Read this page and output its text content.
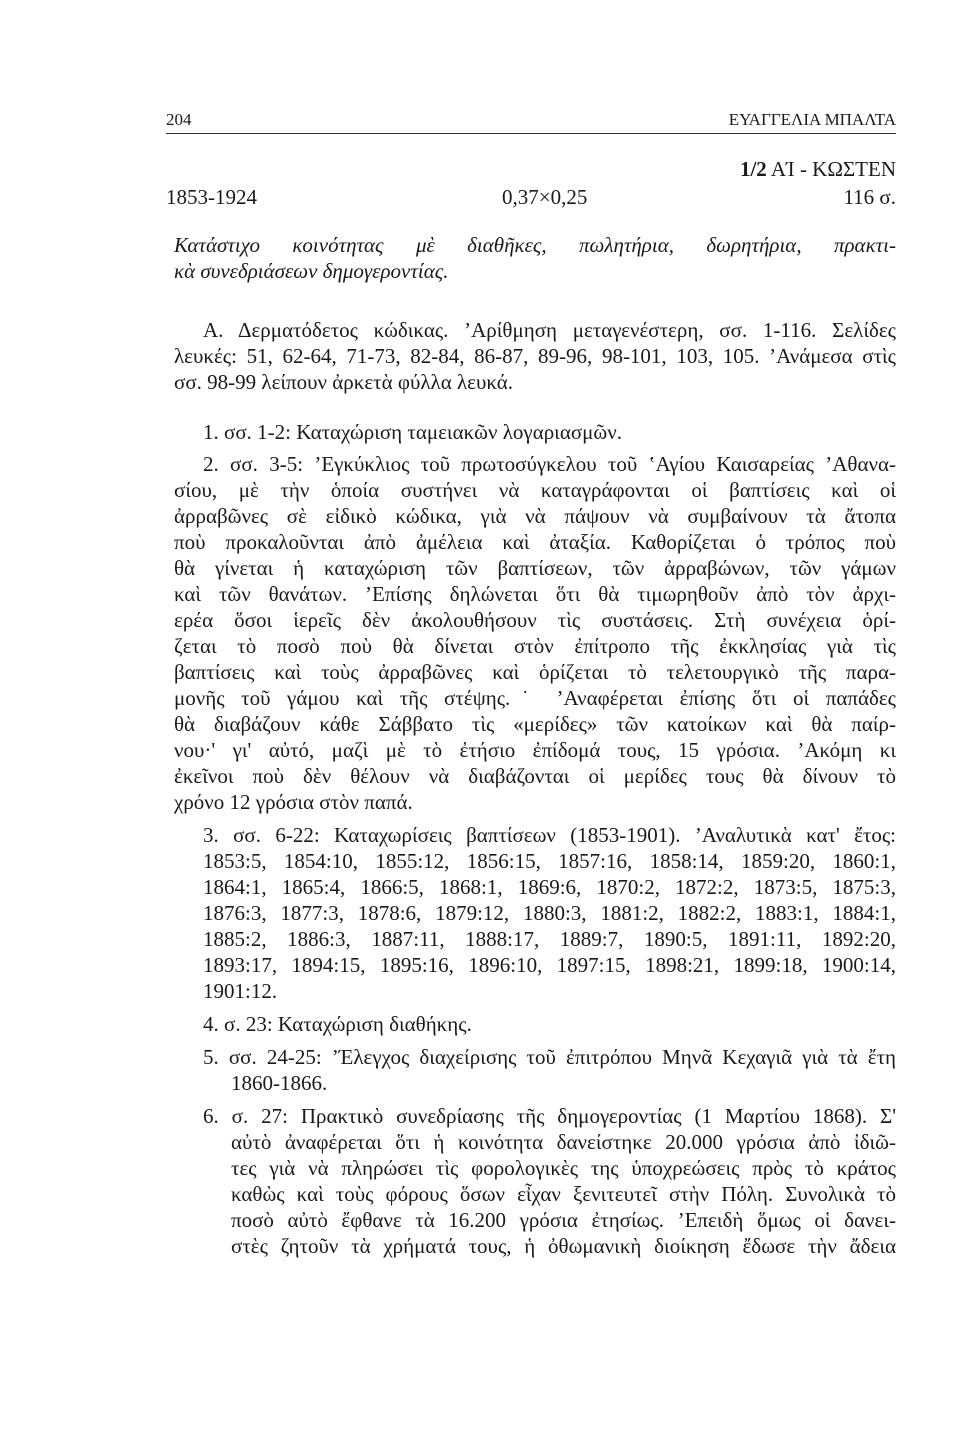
204	ΕΥΑΓΓΕΛΙΑ ΜΠΑΛΤΑ
1/2 ΑΊ - ΚΩΣΤΕΝ
1853-1924	0,37×0,25	116 σ.
Κατάστιχο κοινότητας μὲ διαθῆκες, πωλητήρια, δωρητήρια, πρακτι-
κὰ συνεδριάσεων δημογεροντίας.
Α. Δερματόδετος κώδικας. ʼΑρίθμηση μεταγενέστερη, σσ. 1-116. Σελίδες
λευκές: 51, 62-64, 71-73, 82-84, 86-87, 89-96, 98-101, 103, 105. ʼΑνάμεσα στὶς
σσ. 98-99 λείπουν ἀρκετὰ φύλλα λευκά.
1. σσ. 1-2: Καταχώριση ταμειακῶν λογαριασμῶν.
2. σσ. 3-5: ʼΕγκύκλιος τοῦ πρωτοσύγκελου τοῦ ʽΑγίου Καισαρείας ʼΑθανα-
σίου, μὲ τὴν ὁποία συστήνει νὰ καταγράφονται οἱ βαπτίσεις καὶ οἱ
ἀρραβῶνες σὲ εἰδικὸ κώδικα, γιὰ νὰ πάψουν νὰ συμβαίνουν τὰ ἄτοπα
ποὺ προκαλοῦνται ἀπὸ ἀμέλεια καὶ ἀταξία. Καθορίζεται ὁ τρόπος ποὺ
θὰ γίνεται ἡ καταχώριση τῶν βαπτίσεων, τῶν ἀρραβώνων, τῶν γάμων
καὶ τῶν θανάτων. ʼΕπίσης δηλώνεται ὅτι θὰ τιμωρηθοῦν ἀπὸ τὸν ἀρχι-
ερέα ὅσοι ἱερεῖς δὲν ἀκολουθήσουν τὶς συστάσεις. Στὴ συνέχεια ὁρί-
ζεται τὸ ποσὸ ποὺ θὰ δίνεται στὸν ἐπίτροπο τῆς ἐκκλησίας γιὰ τὶς
βαπτίσεις καὶ τοὺς ἀρραβῶνες καὶ ὁρίζεται τὸ τελετουργικὸ τῆς παρα-
μονῆς τοῦ γάμου καὶ τῆς στέψης.˙ ʼΑναφέρεται ἐπίσης ὅτι οἱ παπάδες
θὰ διαβάζουν κάθε Σάββατο τὶς «μερίδες» τῶν κατοίκων καὶ θὰ παίρ-
νου·' γι' αὐτό, μαζὶ μὲ τὸ ἐτήσιο ἐπίδομά τους, 15 γρόσια. ʼΑκόμη κι
ἐκεῖνοι ποὺ δὲν θέλουν νὰ διαβάζονται οἱ μερίδες τους θὰ δίνουν τὸ
χρόνο 12 γρόσια στὸν παπά.
3. σσ. 6-22: Καταχωρίσεις βαπτίσεων (1853-1901). ʼΑναλυτικὰ κατ' ἔτος:
1853:5, 1854:10, 1855:12, 1856:15, 1857:16, 1858:14, 1859:20, 1860:1,
1864:1, 1865:4, 1866:5, 1868:1, 1869:6, 1870:2, 1872:2, 1873:5, 1875:3,
1876:3, 1877:3, 1878:6, 1879:12, 1880:3, 1881:2, 1882:2, 1883:1, 1884:1,
1885:2, 1886:3, 1887:11, 1888:17, 1889:7, 1890:5, 1891:11, 1892:20,
1893:17, 1894:15, 1895:16, 1896:10, 1897:15, 1898:21, 1899:18, 1900:14,
1901:12.
4. σ. 23: Καταχώριση διαθήκης.
5. σσ. 24-25: ʼΈλεγχος διαχείρισης τοῦ ἐπιτρόπου Μηνᾶ Κεχαγιᾶ γιὰ τὰ ἔτη
1860-1866.
6. σ. 27: Πρακτικὸ συνεδρίασης τῆς δημογεροντίας (1 Μαρτίου 1868). Σ'
αὐτὸ ἀναφέρεται ὅτι ἡ κοινότητα δανείστηκε 20.000 γρόσια ἀπὸ ἰδιῶ-
τες γιὰ νὰ πληρώσει τὶς φορολογικὲς της ὑποχρεώσεις πρὸς τὸ κράτος
καθὼς καὶ τοὺς φόρους ὅσων εἶχαν ξενιτευτεῖ στὴν Πόλη. Συνολικὰ τὸ
ποσὸ αὐτὸ ἔφθανε τὰ 16.200 γρόσια ἐτησίως. ʼΕπειδὴ ὅμως οἱ δανει-
στὲς ζητοῦν τὰ χρήματά τους, ἡ ὀθωμανικὴ διοίκηση ἔδωσε τὴν ἄδεια
